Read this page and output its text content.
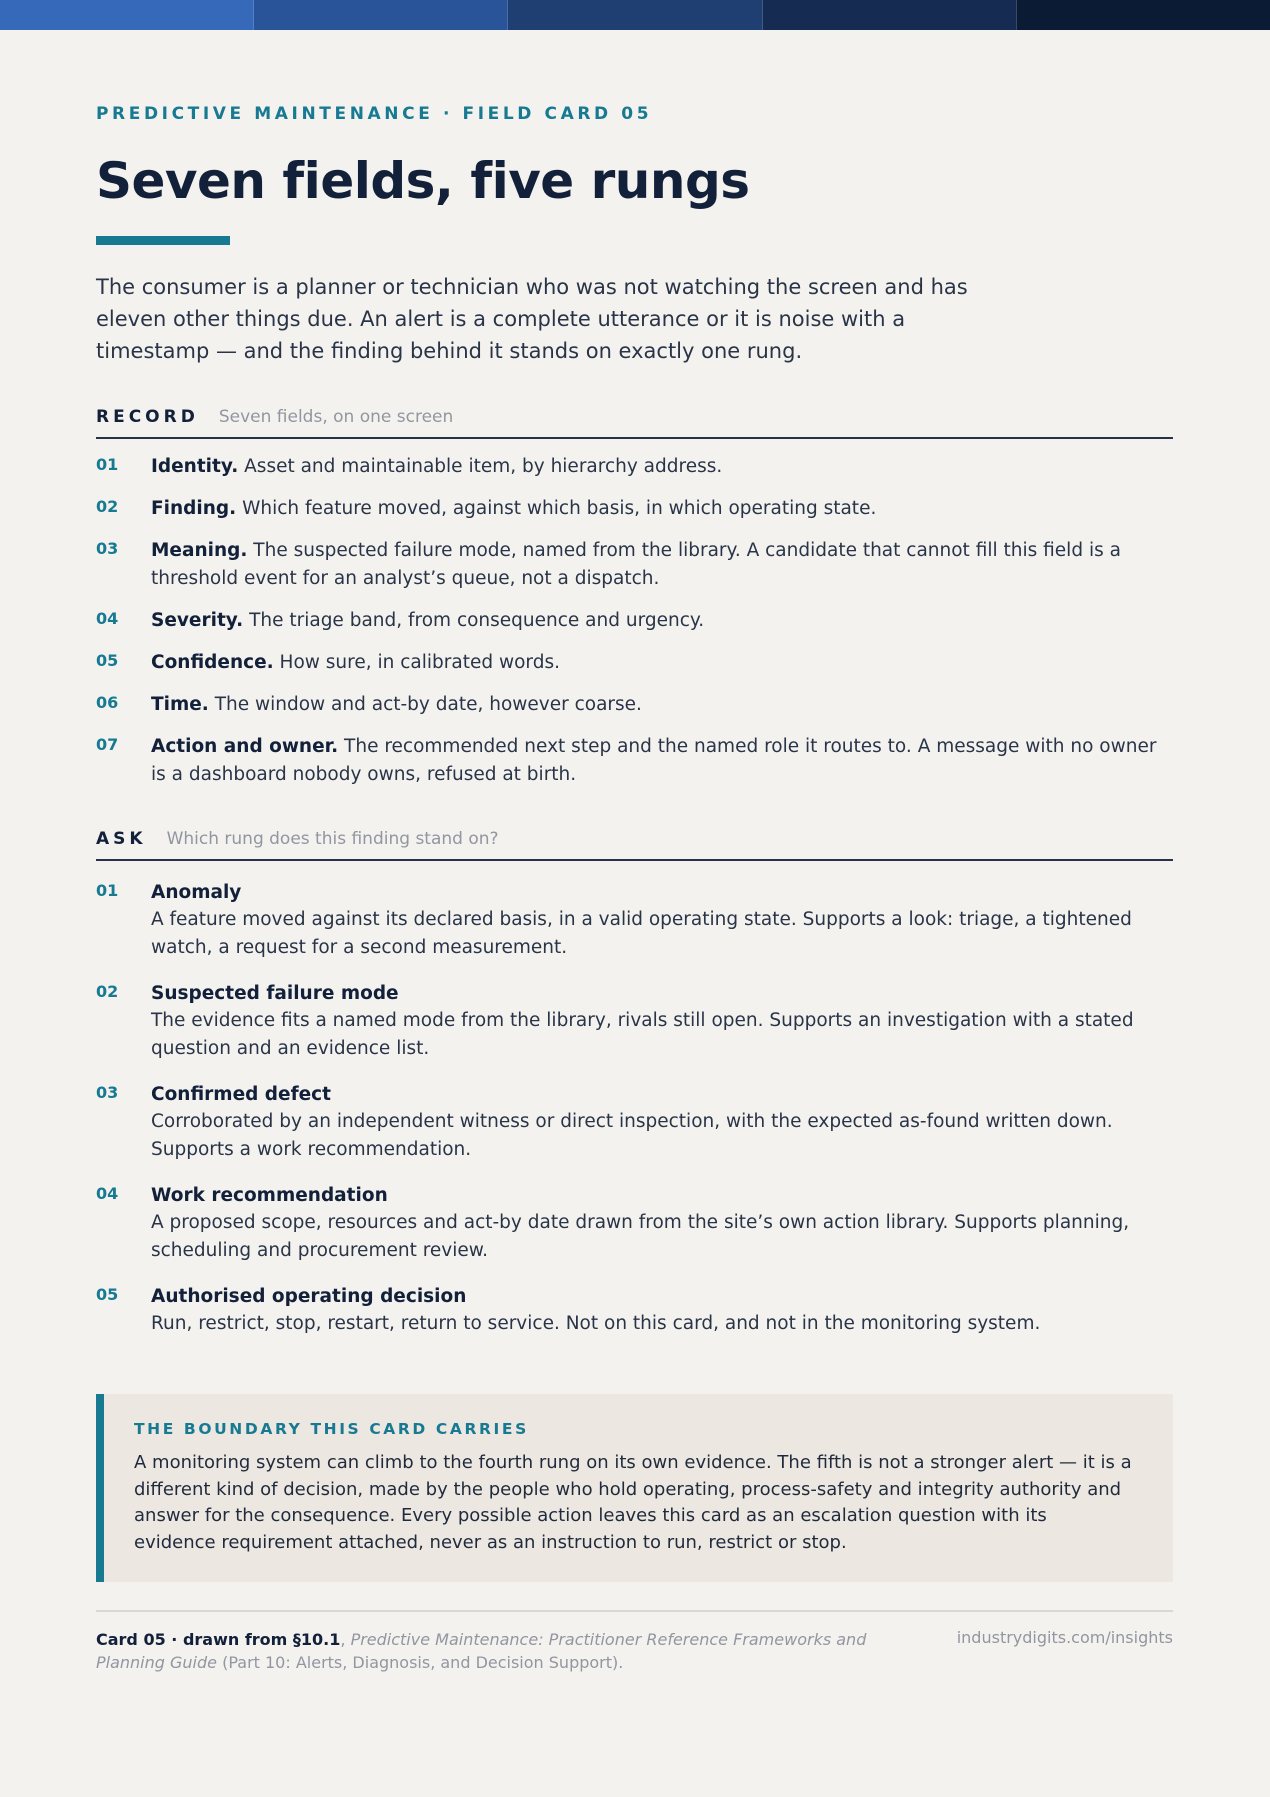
PREDICTIVE MAINTENANCE · FIELD CARD 05
Seven fields, five rungs

The consumer is a planner or technician who was not watching the screen and has eleven other things due. An alert is a complete utterance or it is noise with a timestamp — and the finding behind it stands on exactly one rung.

RECORD Seven fields, on one screen
01	Identity. Asset and maintainable item, by hierarchy address.
02	Finding. Which feature moved, against which basis, in which operating state.
03	Meaning. The suspected failure mode, named from the library. A candidate that cannot fill this field is a threshold event for an analyst’s queue, not a dispatch.
04	Severity. The triage band, from consequence and urgency.
05	Confidence. How sure, in calibrated words.
06	Time. The window and act-by date, however coarse.
07	Action and owner. The recommended next step and the named role it routes to. A message with no owner is a dashboard nobody owns, refused at birth.
ASK Which rung does this finding stand on?
01	Anomaly
A feature moved against its declared basis, in a valid operating state. Supports a look: triage, a tightened watch, a request for a second measurement.
02	Suspected failure mode
The evidence fits a named mode from the library, rivals still open. Supports an investigation with a stated question and an evidence list.
03	Confirmed defect
Corroborated by an independent witness or direct inspection, with the expected as-found written down. Supports a work recommendation.
04	Work recommendation
A proposed scope, resources and act-by date drawn from the site’s own action library. Supports planning, scheduling and procurement review.
05	Authorised operating decision
Run, restrict, stop, restart, return to service. Not on this card, and not in the monitoring system.
THE BOUNDARY THIS CARD CARRIES
A monitoring system can climb to the fourth rung on its own evidence. The fifth is not a stronger alert — it is a different kind of decision, made by the people who hold operating, process-safety and integrity authority and answer for the consequence. Every possible action leaves this card as an escalation question with its evidence requirement attached, never as an instruction to run, restrict or stop.
Card 05 · drawn from §10.1, Predictive Maintenance: Practitioner Reference Frameworks and Planning Guide (Part 10: Alerts, Diagnosis, and Decision Support).
industrydigits.com/insights
